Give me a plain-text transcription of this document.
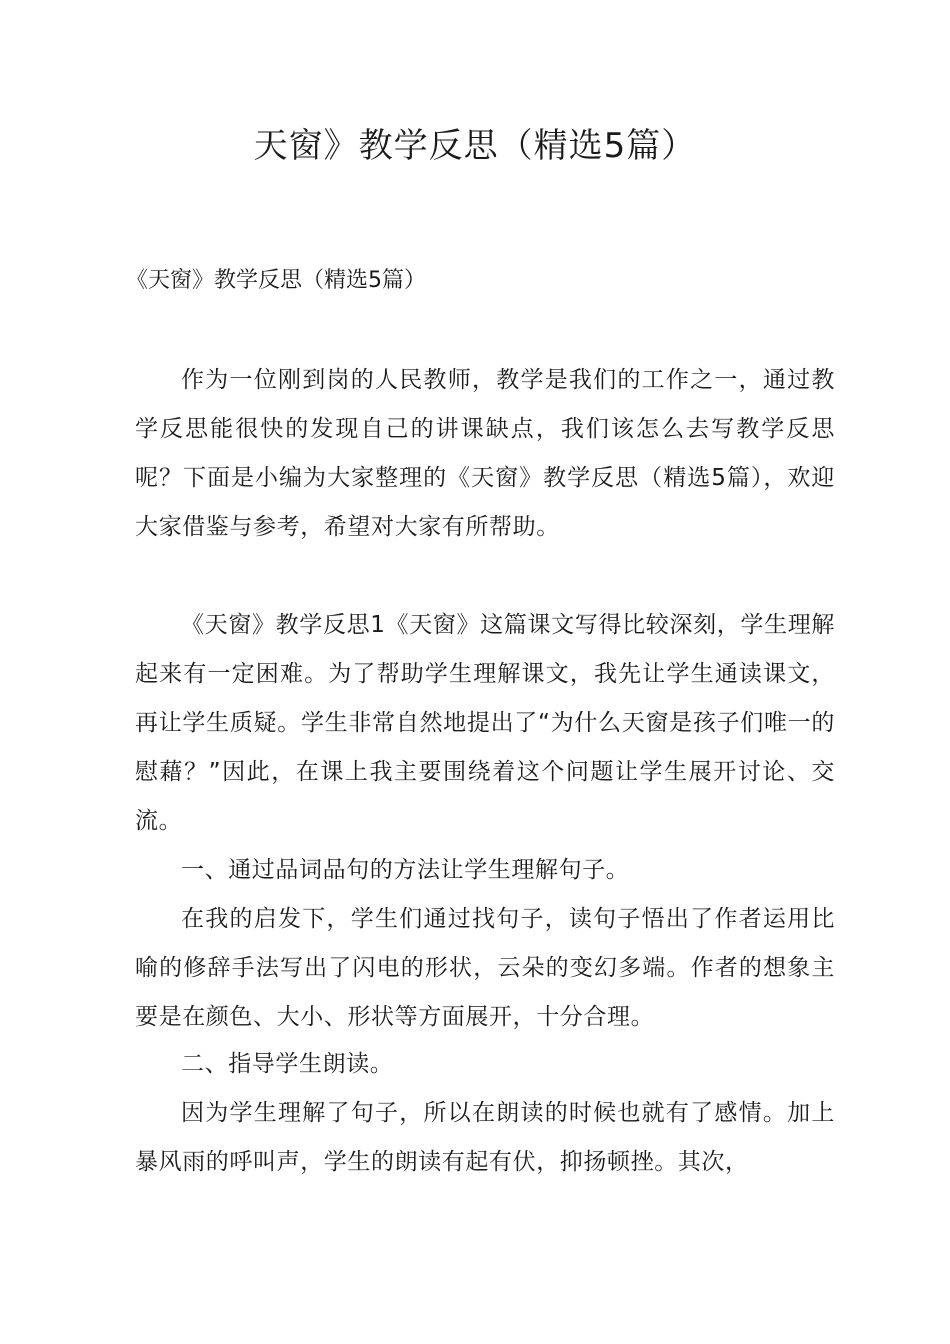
天窗》教学反思（精选5篇）

《天窗》教学反思（精选5篇）

作为一位刚到岗的人民教师，教学是我们的工作之一，通过教学反思能很快的发现自己的讲课缺点，我们该怎么去写教学反思呢？下面是小编为大家整理的《天窗》教学反思（精选5篇），欢迎大家借鉴与参考，希望对大家有所帮助。

《天窗》教学反思1《天窗》这篇课文写得比较深刻，学生理解起来有一定困难。为了帮助学生理解课文，我先让学生通读课文，再让学生质疑。学生非常自然地提出了“为什么天窗是孩子们唯一的慰藉？”因此，在课上我主要围绕着这个问题让学生展开讨论、交流。

一、通过品词品句的方法让学生理解句子。

在我的启发下，学生们通过找句子，读句子悟出了作者运用比喻的修辞手法写出了闪电的形状，云朵的变幻多端。作者的想象主要是在颜色、大小、形状等方面展开，十分合理。

二、指导学生朗读。

因为学生理解了句子，所以在朗读的时候也就有了感情。加上暴风雨的呼叫声，学生的朗读有起有伏，抑扬顿挫。其次，
